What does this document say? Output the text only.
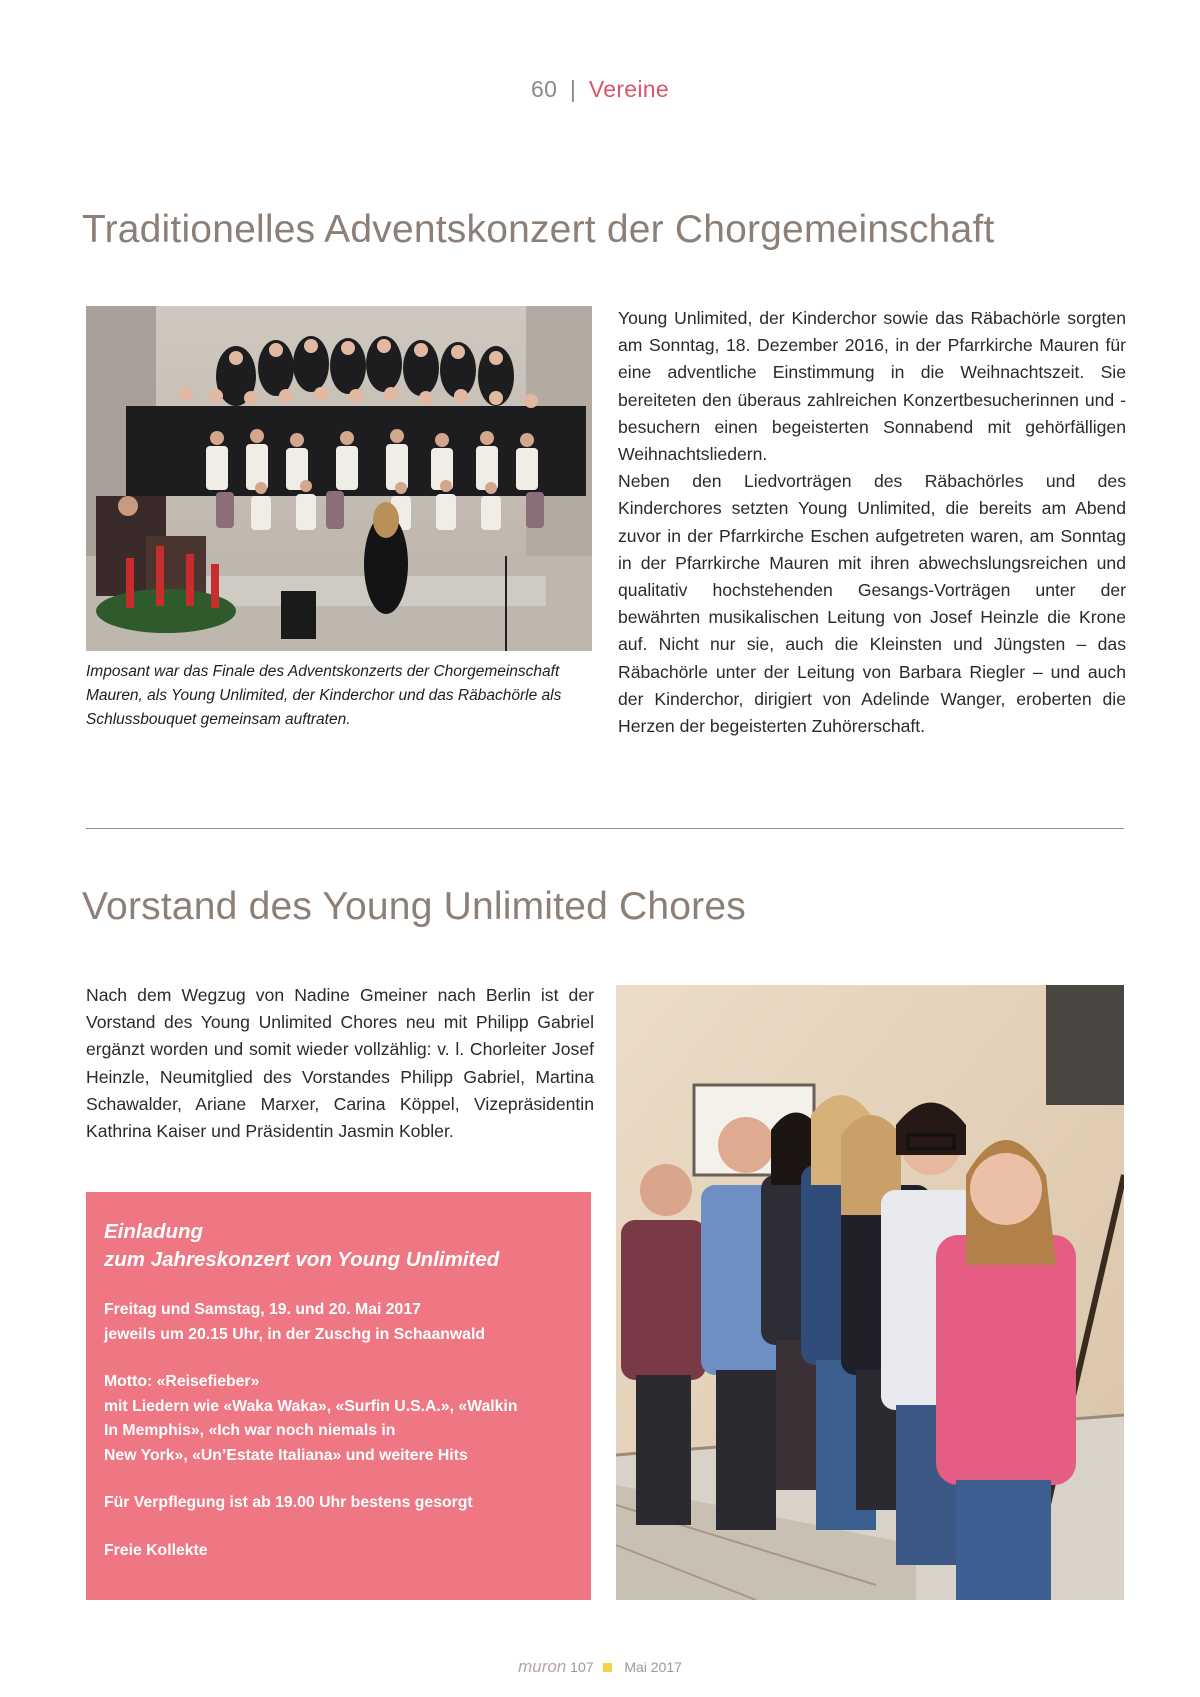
60 | Vereine
Traditionelles Adventskonzert der Chorgemeinschaft
Imposant war das Finale des Adventskonzerts der Chorgemeinschaft Mauren, als Young Unlimited, der Kinderchor und das Räbachörle als Schlussbouquet gemeinsam auftraten.

Young Unlimited, der Kinderchor sowie das Räbachörle sorgten am Sonntag, 18. Dezember 2016, in der Pfarrkirche Mauren für eine adventliche Einstimmung in die Weihnachtszeit. Sie bereiteten den überaus zahlreichen Konzertbesucherinnen und -besuchern einen begeisterten Sonnabend mit gehörfälligen Weihnachtsliedern.

Neben den Liedvorträgen des Räbachörles und des Kinderchores setzten Young Unlimited, die bereits am Abend zuvor in der Pfarrkirche Eschen aufgetreten waren, am Sonntag in der Pfarrkirche Mauren mit ihren abwechslungsreichen und qualitativ hochstehenden Gesangs-Vorträgen unter der bewährten musikalischen Leitung von Josef Heinzle die Krone auf. Nicht nur sie, auch die Kleinsten und Jüngsten – das Räbachörle unter der Leitung von Barbara Riegler – und auch der Kinderchor, dirigiert von Adelinde Wanger, eroberten die Herzen der begeisterten Zuhörerschaft.

Vorstand des Young Unlimited Chores

Nach dem Wegzug von Nadine Gmeiner nach Berlin ist der Vorstand des Young Unlimited Chores neu mit Philipp Gabriel ergänzt worden und somit wieder vollzählig: v. l. Chorleiter Josef Heinzle, Neumitglied des Vorstandes Philipp Gabriel, Martina Schawalder, Ariane Marxer, Carina Köppel, Vizepräsidentin Kathrina Kaiser und Präsidentin Jasmin Kobler.

Einladung
zum Jahreskonzert von Young Unlimited
Freitag und Samstag, 19. und 20. Mai 2017
jeweils um 20.15 Uhr, in der Zuschg in Schaanwald
Motto: «Reisefieber»
mit Liedern wie «Waka Waka», «Surfin U.S.A.», «Walkin
In Memphis», «Ich war noch niemals in
New York», «Un’Estate Italiana» und weitere Hits
Für Verpflegung ist ab 19.00 Uhr bestens gesorgt
Freie Kollekte
muron 107 Mai 2017
